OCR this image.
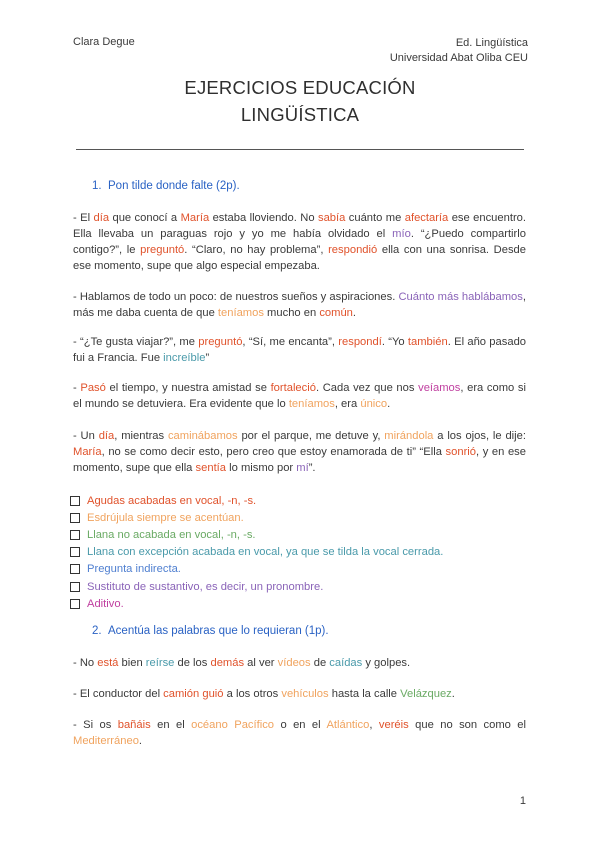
Clara Degue	Ed. Lingüística
Universidad Abat Oliba CEU
EJERCICIOS EDUCACIÓN
LINGÜÍSTICA
1. Pon tilde donde falte (2p).
- El día que conocí a María estaba lloviendo. No sabía cuánto me afectaría ese encuentro. Ella llevaba un paraguas rojo y yo me había olvidado el mío. “¿Puedo compartirlo contigo?”, le preguntó. “Claro, no hay problema”, respondió ella con una sonrisa. Desde ese momento, supe que algo especial empezaba.
- Hablamos de todo un poco: de nuestros sueños y aspiraciones. Cuánto más hablábamos, más me daba cuenta de que teníamos mucho en común.
- “¿Te gusta viajar?”, me preguntó, “Sí, me encanta”, respondí. “Yo también. El año pasado fui a Francia. Fue increíble”
- Pasó el tiempo, y nuestra amistad se fortaleció. Cada vez que nos veíamos, era como si el mundo se detuviera. Era evidente que lo teníamos, era único.
- Un día, mientras caminábamos por el parque, me detuve y, mirándola a los ojos, le dije: María, no se como decir esto, pero creo que estoy enamorada de ti” “Ella sonrió, y en ese momento, supe que ella sentía lo mismo por mí”.
Agudas acabadas en vocal, -n, -s.
Esdrújula siempre se acentúan.
Llana no acabada en vocal, -n, -s.
Llana con excepción acabada en vocal, ya que se tilda la vocal cerrada.
Pregunta indirecta.
Sustituto de sustantivo, es decir, un pronombre.
Aditivo.
2. Acentúa las palabras que lo requieran (1p).
- No está bien reírse de los demás al ver vídeos de caídas y golpes.
- El conductor del camión guió a los otros vehículos hasta la calle Velázquez.
- Si os bañáis en el océano Pacífico o en el Atlántico, veréis que no son como el Mediterráneo.
1
